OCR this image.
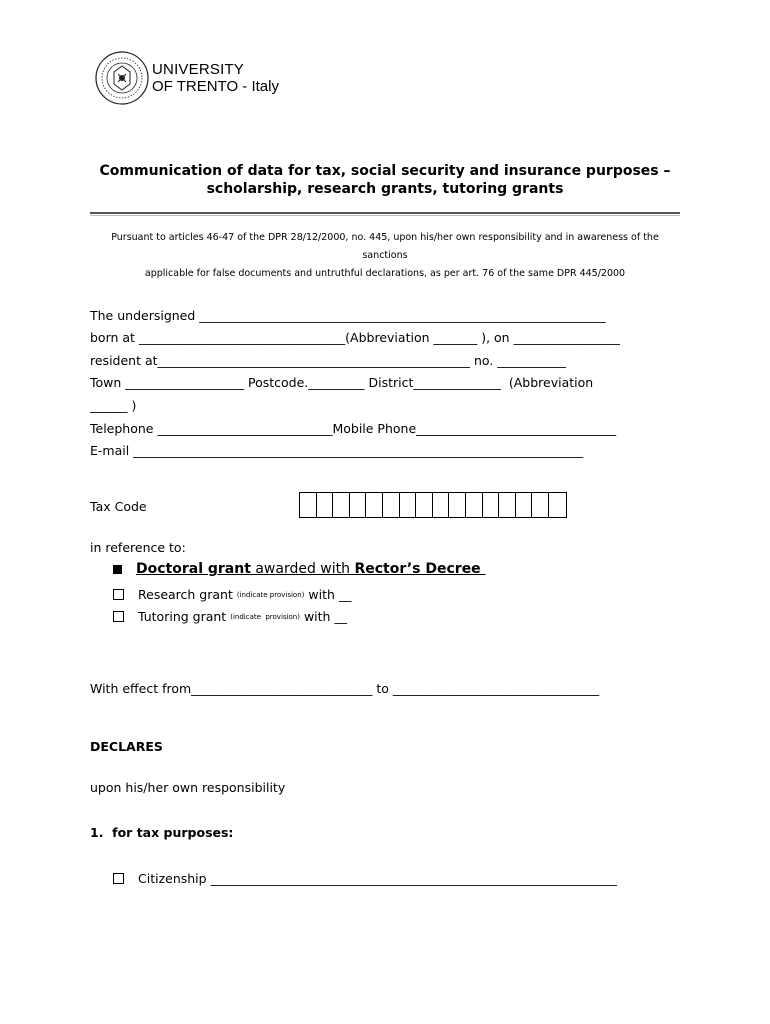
UNIVERSITY
OF TRENTO - Italy
Communication of data for tax, social security and insurance purposes –
scholarship, research grants, tutoring grants
Pursuant to articles 46-47 of the DPR 28/12/2000, no. 445, upon his/her own responsibility and in awareness of the
sanctions
applicable for false documents and untruthful declarations, as per art. 76 of the same DPR 445/2000
The undersigned _________________________________________________________________
born at _________________________________(Abbreviation _______ ), on _________________
resident at__________________________________________________ no. ___________
Town ___________________ Postcode._________ District______________  (Abbreviation
______ )
Telephone ____________________________Mobile Phone________________________________
E-mail ________________________________________________________________________
Tax Code
in reference to:
Doctoral grant awarded with Rector’s Decree
Research grant (indicate provision) with __
Tutoring grant (indicate  provision) with __
With effect from_____________________________ to _________________________________
DECLARES
upon his/her own responsibility
1.  for tax purposes:
Citizenship _________________________________________________________________
